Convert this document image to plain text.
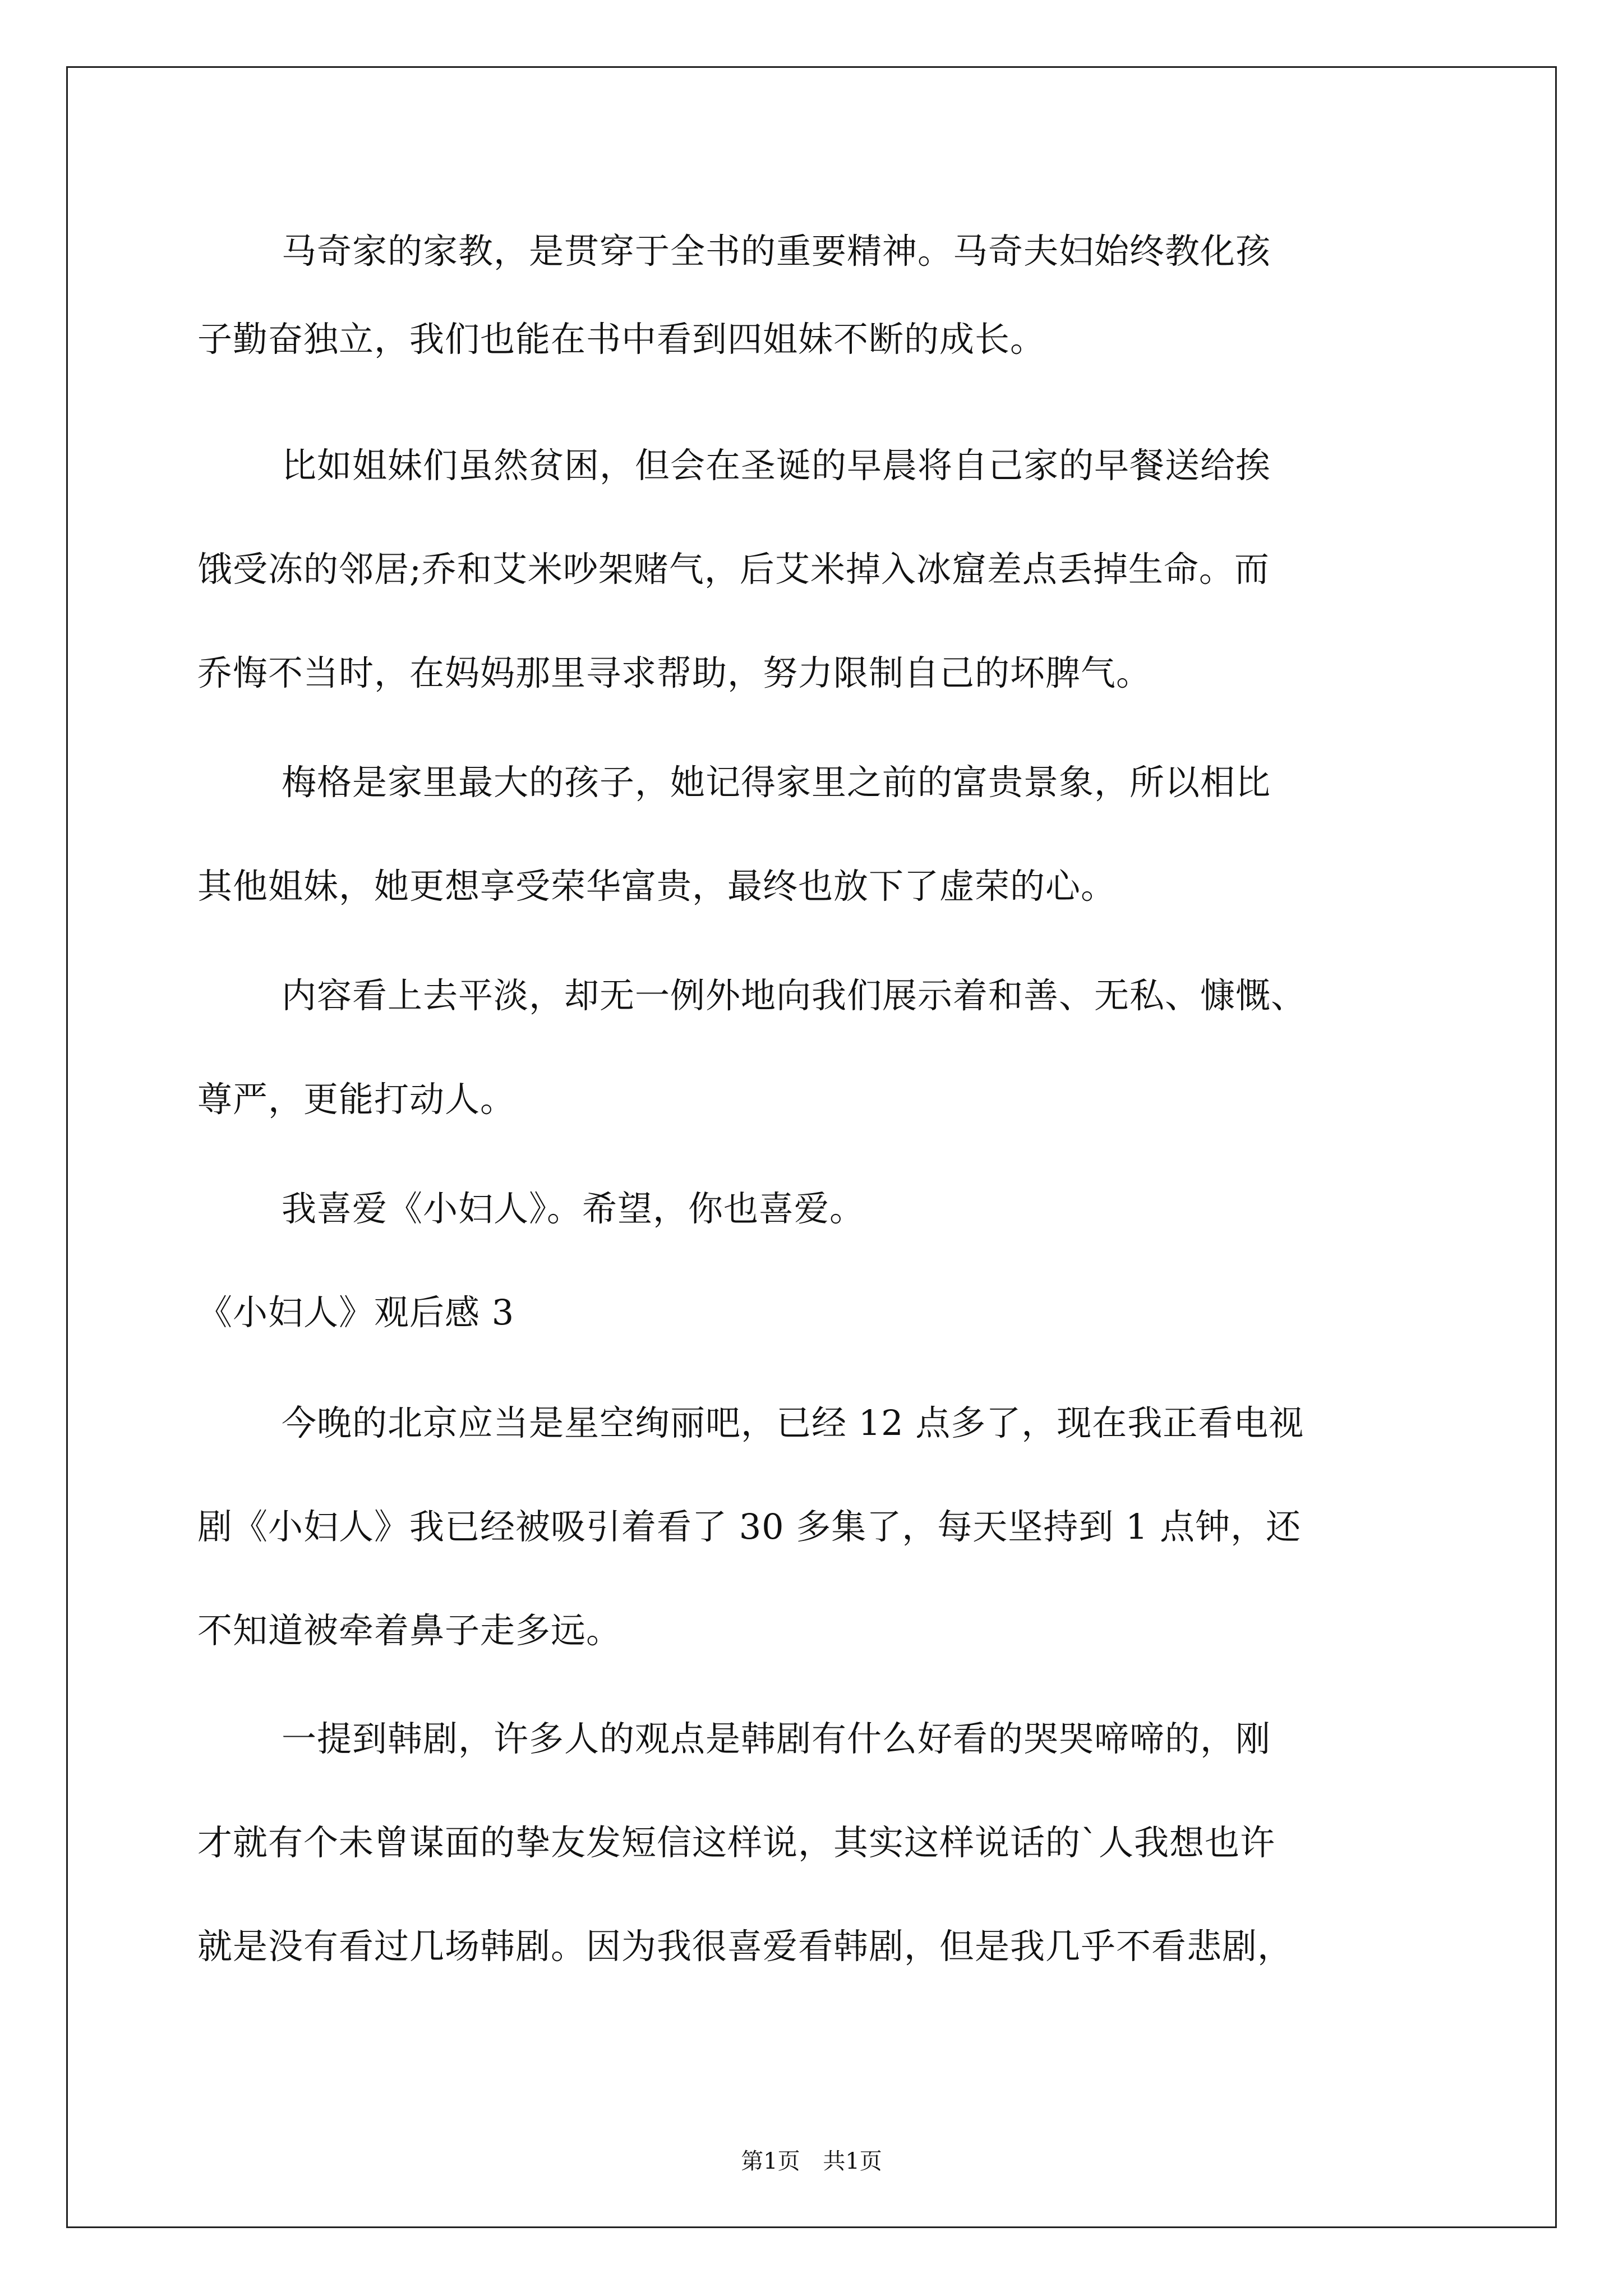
马奇家的家教，是贯穿于全书的重要精神。马奇夫妇始终教化孩
子勤奋独立，我们也能在书中看到四姐妹不断的成长。
比如姐妹们虽然贫困，但会在圣诞的早晨将自己家的早餐送给挨
饿受冻的邻居;乔和艾米吵架赌气，后艾米掉入冰窟差点丢掉生命。而
乔悔不当时，在妈妈那里寻求帮助，努力限制自己的坏脾气。
梅格是家里最大的孩子，她记得家里之前的富贵景象，所以相比
其他姐妹，她更想享受荣华富贵，最终也放下了虚荣的心。
内容看上去平淡，却无一例外地向我们展示着和善、无私、慷慨、
尊严，更能打动人。
我喜爱《小妇人》。希望，你也喜爱。
《小妇人》观后感 3
今晚的北京应当是星空绚丽吧，已经 12 点多了，现在我正看电视
剧《小妇人》我已经被吸引着看了 30 多集了，每天坚持到 1 点钟，还
不知道被牵着鼻子走多远。
一提到韩剧，许多人的观点是韩剧有什么好看的哭哭啼啼的，刚
才就有个未曾谋面的挚友发短信这样说，其实这样说话的`人我想也许
就是没有看过几场韩剧。因为我很喜爱看韩剧，但是我几乎不看悲剧，
第1页 共1页
